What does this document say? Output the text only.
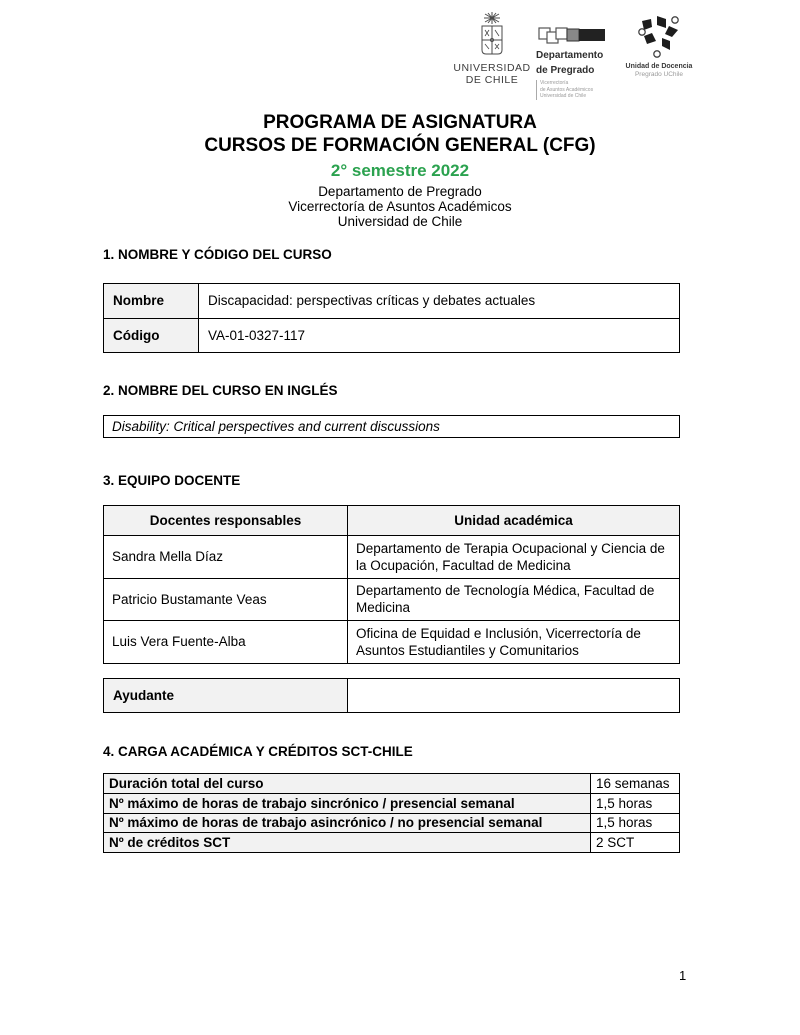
UNIVERSIDAD
DE CHILE
Departamento
de Pregrado
Vicerrectoría
de Asuntos Académicos
Universidad de Chile
Unidad de Docencia
Pregrado UChile
PROGRAMA DE ASIGNATURA
CURSOS DE FORMACIÓN GENERAL (CFG)
2° semestre 2022
Departamento de Pregrado
Vicerrectoría de Asuntos Académicos
Universidad de Chile
1. NOMBRE Y CÓDIGO DEL CURSO
Nombre	Discapacidad: perspectivas críticas y debates actuales
Código	VA-01-0327-117
2. NOMBRE DEL CURSO EN INGLÉS
Disability: Critical perspectives and current discussions
3. EQUIPO DOCENTE
Docentes responsables	Unidad académica
Sandra Mella Díaz	Departamento de Terapia Ocupacional y Ciencia de la Ocupación, Facultad de Medicina
Patricio Bustamante Veas	Departamento de Tecnología Médica, Facultad de Medicina
Luis Vera Fuente-Alba	Oficina de Equidad e Inclusión, Vicerrectoría de Asuntos Estudiantiles y Comunitarios
Ayudante	
4. CARGA ACADÉMICA Y CRÉDITOS SCT-CHILE
Duración total del curso	16 semanas
Nº máximo de horas de trabajo sincrónico / presencial semanal	1,5 horas
Nº máximo de horas de trabajo asincrónico / no presencial semanal	1,5 horas
Nº de créditos SCT	2 SCT
1
